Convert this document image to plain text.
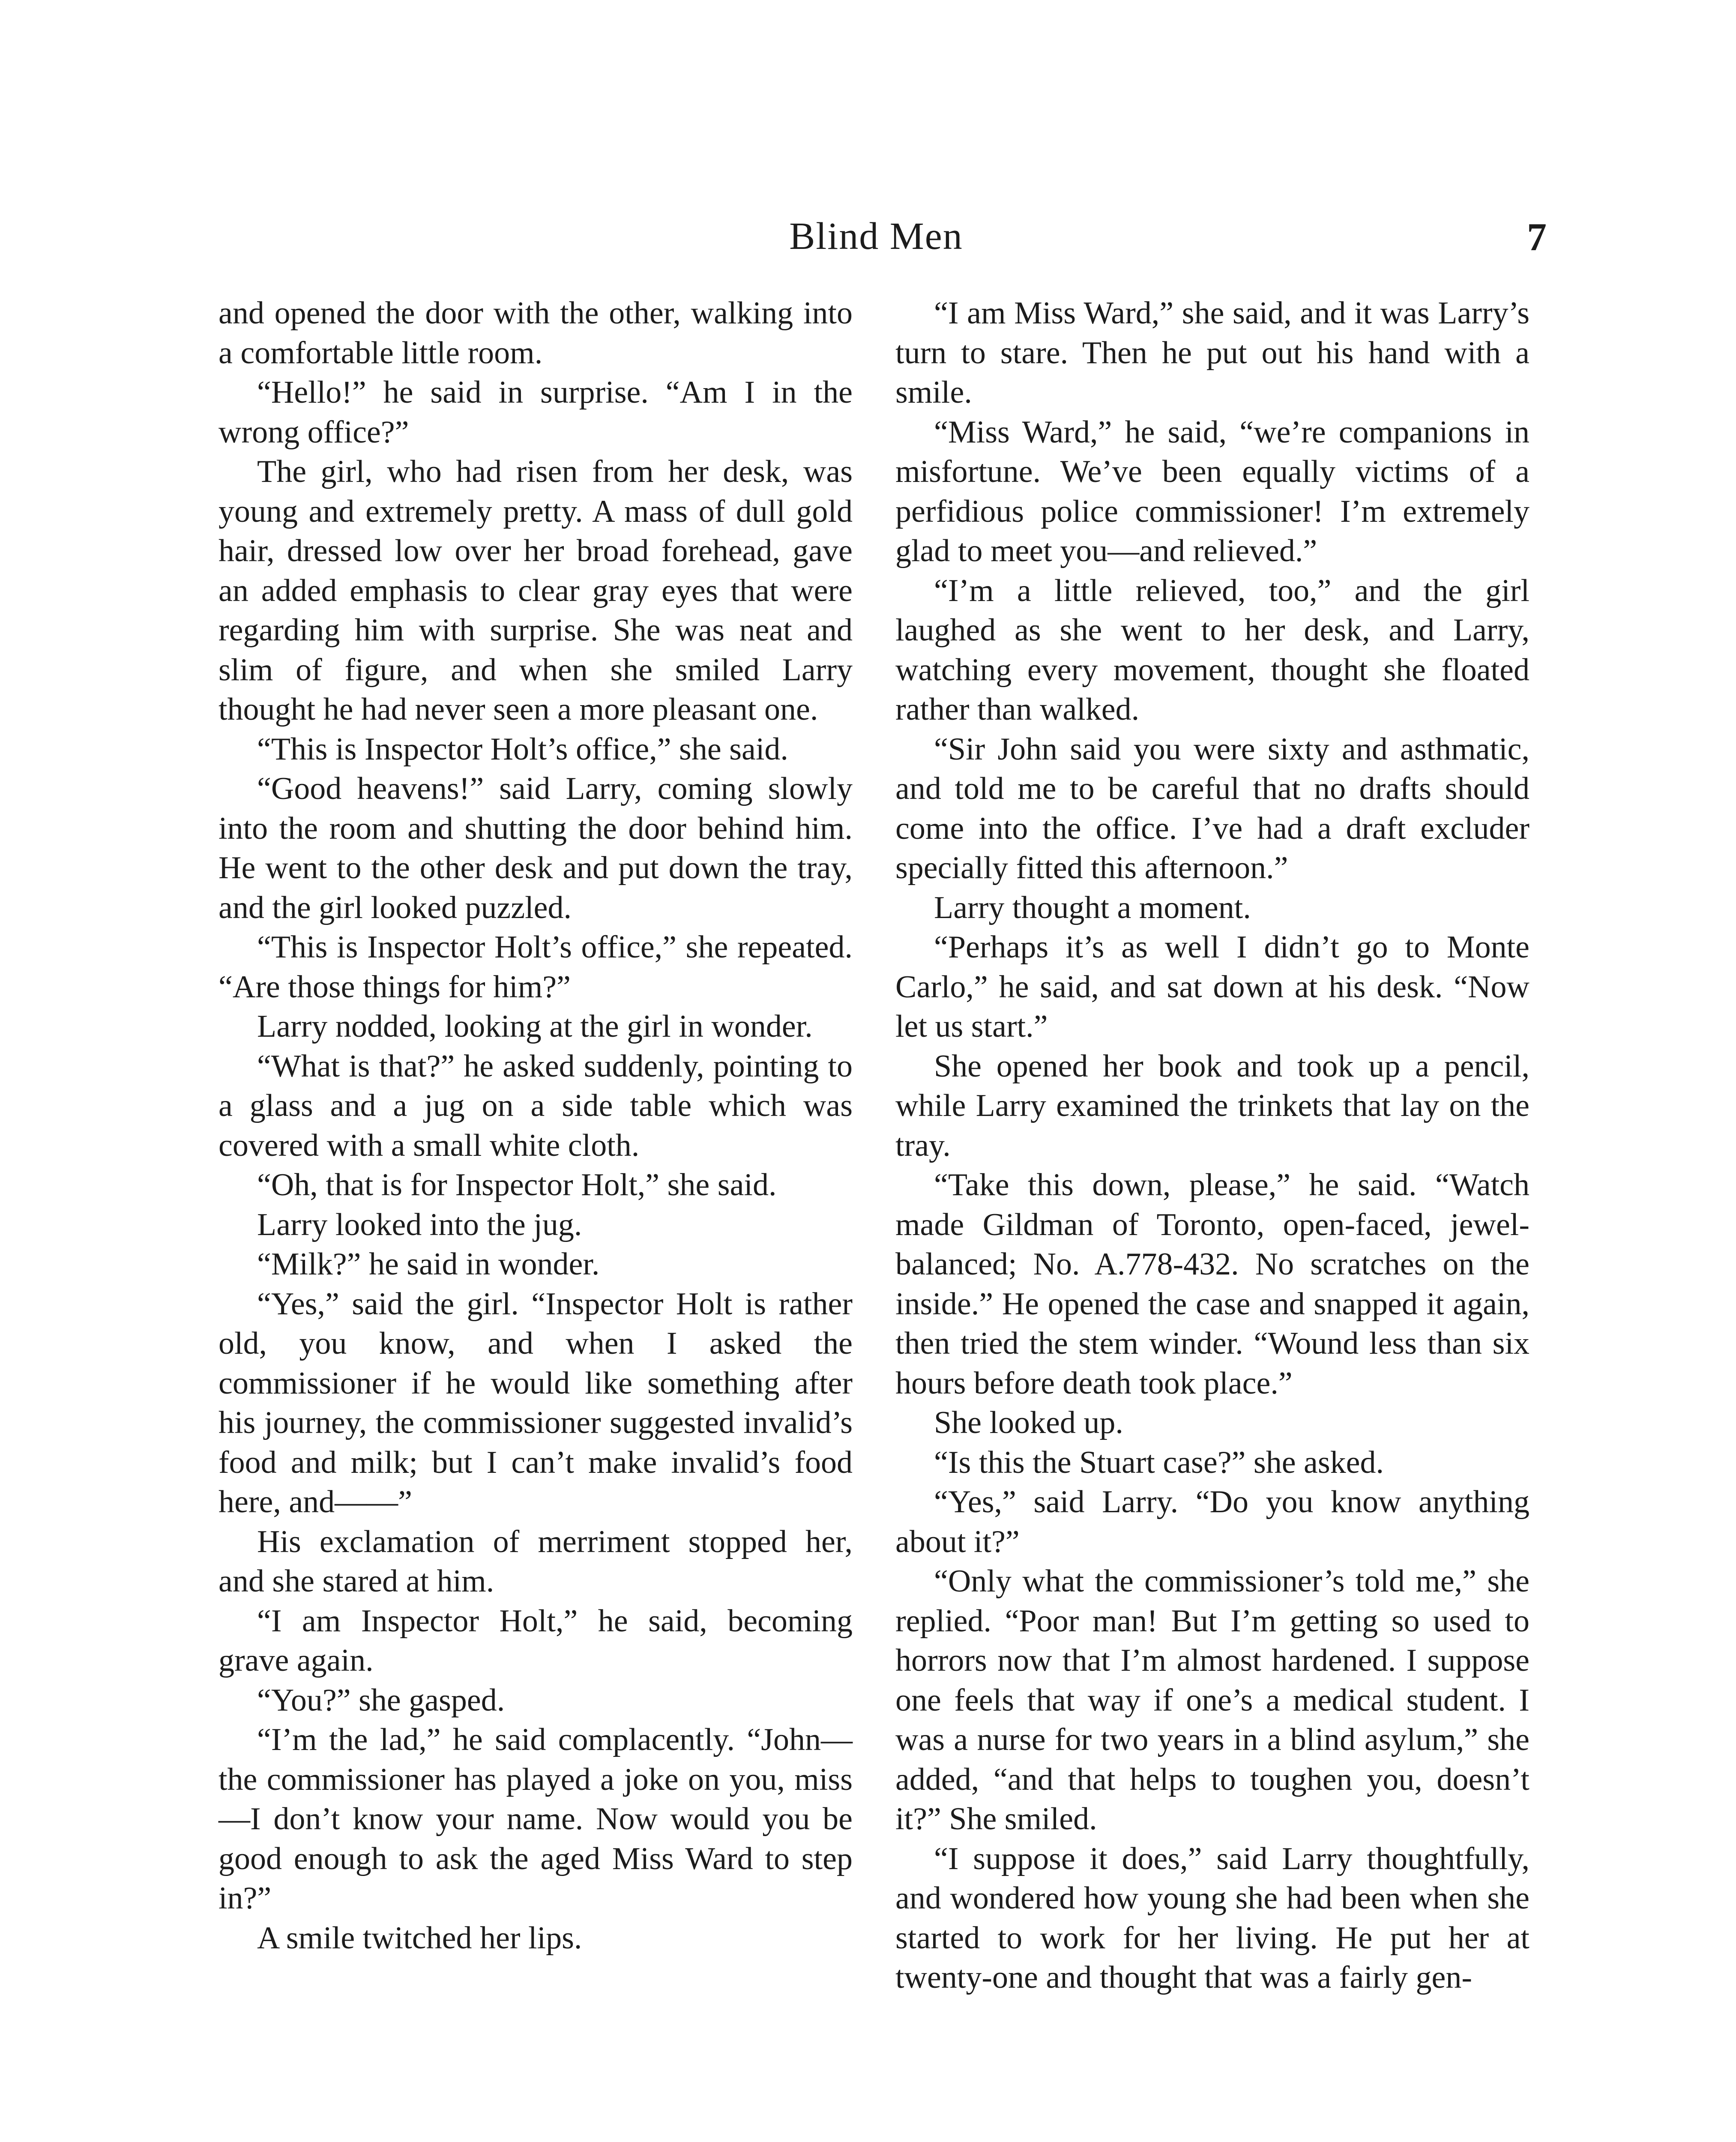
Blind Men	7

and opened the door with the other, walking into a comfortable little room.

“Hello!” he said in surprise. “Am I in the wrong office?”

The girl, who had risen from her desk, was young and extremely pretty. A mass of dull gold hair, dressed low over her broad forehead, gave an added emphasis to clear gray eyes that were regarding him with surprise. She was neat and slim of figure, and when she smiled Larry thought he had never seen a more pleasant one.

“This is Inspector Holt’s office,” she said.

“Good heavens!” said Larry, coming slowly into the room and shutting the door behind him. He went to the other desk and put down the tray, and the girl looked puzzled.

“This is Inspector Holt’s office,” she repeated. “Are those things for him?”

Larry nodded, looking at the girl in wonder.

“What is that?” he asked suddenly, pointing to a glass and a jug on a side table which was covered with a small white cloth.

“Oh, that is for Inspector Holt,” she said.

Larry looked into the jug.

“Milk?” he said in wonder.

“Yes,” said the girl. “Inspector Holt is rather old, you know, and when I asked the commissioner if he would like something after his journey, the commissioner suggested invalid’s food and milk; but I can’t make invalid’s food here, and——”

His exclamation of merriment stopped her, and she stared at him.

“I am Inspector Holt,” he said, becoming grave again.

“You?” she gasped.

“I’m the lad,” he said complacently. “John—the commissioner has played a joke on you, miss—I don’t know your name. Now would you be good enough to ask the aged Miss Ward to step in?”

A smile twitched her lips.

“I am Miss Ward,” she said, and it was Larry’s turn to stare. Then he put out his hand with a smile.

“Miss Ward,” he said, “we’re companions in misfortune. We’ve been equally victims of a perfidious police commissioner! I’m extremely glad to meet you—and relieved.”

“I’m a little relieved, too,” and the girl laughed as she went to her desk, and Larry, watching every movement, thought she floated rather than walked.

“Sir John said you were sixty and asthmatic, and told me to be careful that no drafts should come into the office. I’ve had a draft excluder specially fitted this afternoon.”

Larry thought a moment.

“Perhaps it’s as well I didn’t go to Monte Carlo,” he said, and sat down at his desk. “Now let us start.”

She opened her book and took up a pencil, while Larry examined the trinkets that lay on the tray.

“Take this down, please,” he said. “Watch made Gildman of Toronto, open-faced, jewel-balanced; No. A.778-432. No scratches on the inside.” He opened the case and snapped it again, then tried the stem winder. “Wound less than six hours before death took place.”

She looked up.

“Is this the Stuart case?” she asked.

“Yes,” said Larry. “Do you know anything about it?”

“Only what the commissioner’s told me,” she replied. “Poor man! But I’m getting so used to horrors now that I’m almost hardened. I suppose one feels that way if one’s a medical student. I was a nurse for two years in a blind asylum,” she added, “and that helps to toughen you, doesn’t it?” She smiled.

“I suppose it does,” said Larry thoughtfully, and wondered how young she had been when she started to work for her living. He put her at twenty-one and thought that was a fairly gen-
